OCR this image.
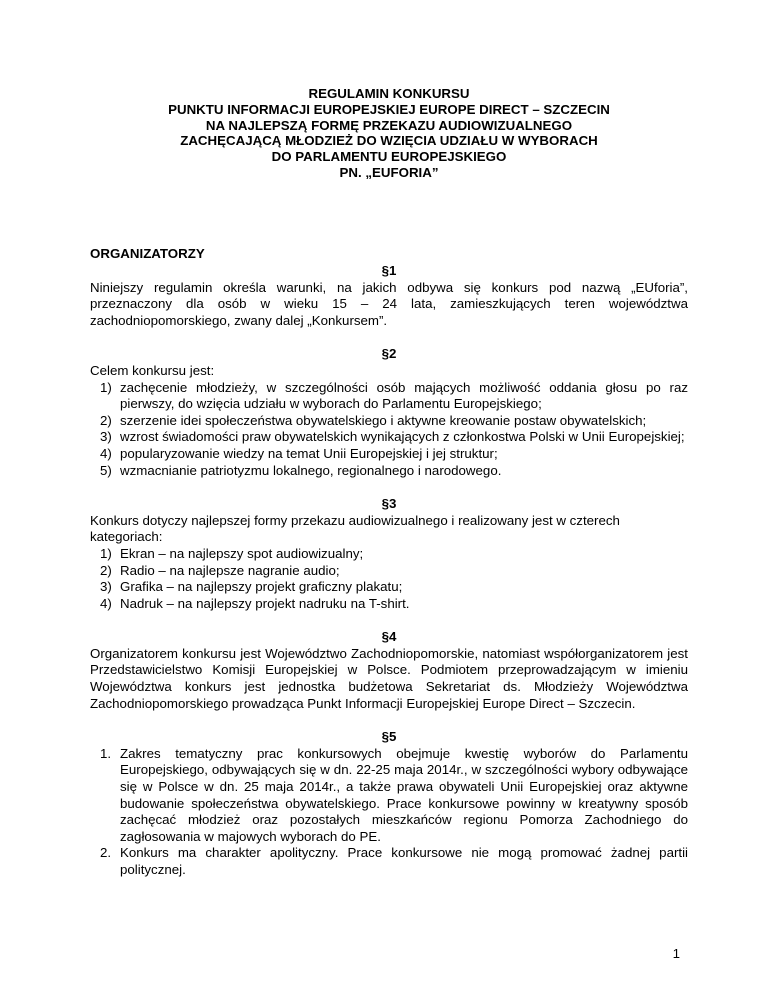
REGULAMIN KONKURSU
PUNKTU INFORMACJI EUROPEJSKIEJ EUROPE DIRECT – SZCZECIN
NA NAJLEPSZĄ FORMĘ PRZEKAZU AUDIOWIZUALNEGO
ZACHĘCAJĄCĄ MŁODZIEŻ DO WZIĘCIA UDZIAŁU W WYBORACH
DO PARLAMENTU EUROPEJSKIEGO
PN. „EUFORIA”

ORGANIZATORZY

§1

Niniejszy regulamin określa warunki, na jakich odbywa się konkurs pod nazwą „EUforia”, przeznaczony dla osób w wieku 15 – 24 lata, zamieszkujących teren województwa zachodniopomorskiego, zwany dalej „Konkursem”.

§2

Celem konkursu jest:

1) zachęcenie młodzieży, w szczególności osób mających możliwość oddania głosu po raz pierwszy, do wzięcia udziału w wyborach do Parlamentu Europejskiego;
2) szerzenie idei społeczeństwa obywatelskiego i aktywne kreowanie postaw obywatelskich;
3) wzrost świadomości praw obywatelskich wynikających z członkostwa Polski w Unii Europejskiej;
4) popularyzowanie wiedzy na temat Unii Europejskiej i jej struktur;
5) wzmacnianie patriotyzmu lokalnego, regionalnego i narodowego.

§3

Konkurs dotyczy najlepszej formy przekazu audiowizualnego i realizowany jest w czterech kategoriach:

1) Ekran – na najlepszy spot audiowizualny;
2) Radio – na najlepsze nagranie audio;
3) Grafika – na najlepszy projekt graficzny plakatu;
4) Nadruk – na najlepszy projekt nadruku na T-shirt.

§4

Organizatorem konkursu jest Województwo Zachodniopomorskie, natomiast współorganizatorem jest Przedstawicielstwo Komisji Europejskiej w Polsce. Podmiotem przeprowadzającym w imieniu Województwa konkurs jest jednostka budżetowa Sekretariat ds. Młodzieży Województwa Zachodniopomorskiego prowadząca Punkt Informacji Europejskiej Europe Direct – Szczecin.

§5

1. Zakres tematyczny prac konkursowych obejmuje kwestię wyborów do Parlamentu Europejskiego, odbywających się w dn. 22-25 maja 2014r., w szczególności wybory odbywające się w Polsce w dn. 25 maja 2014r., a także prawa obywateli Unii Europejskiej oraz aktywne budowanie społeczeństwa obywatelskiego. Prace konkursowe powinny w kreatywny sposób zachęcać młodzież oraz pozostałych mieszkańców regionu Pomorza Zachodniego do zagłosowania w majowych wyborach do PE.
2. Konkurs ma charakter apolityczny. Prace konkursowe nie mogą promować żadnej partii politycznej.
1
